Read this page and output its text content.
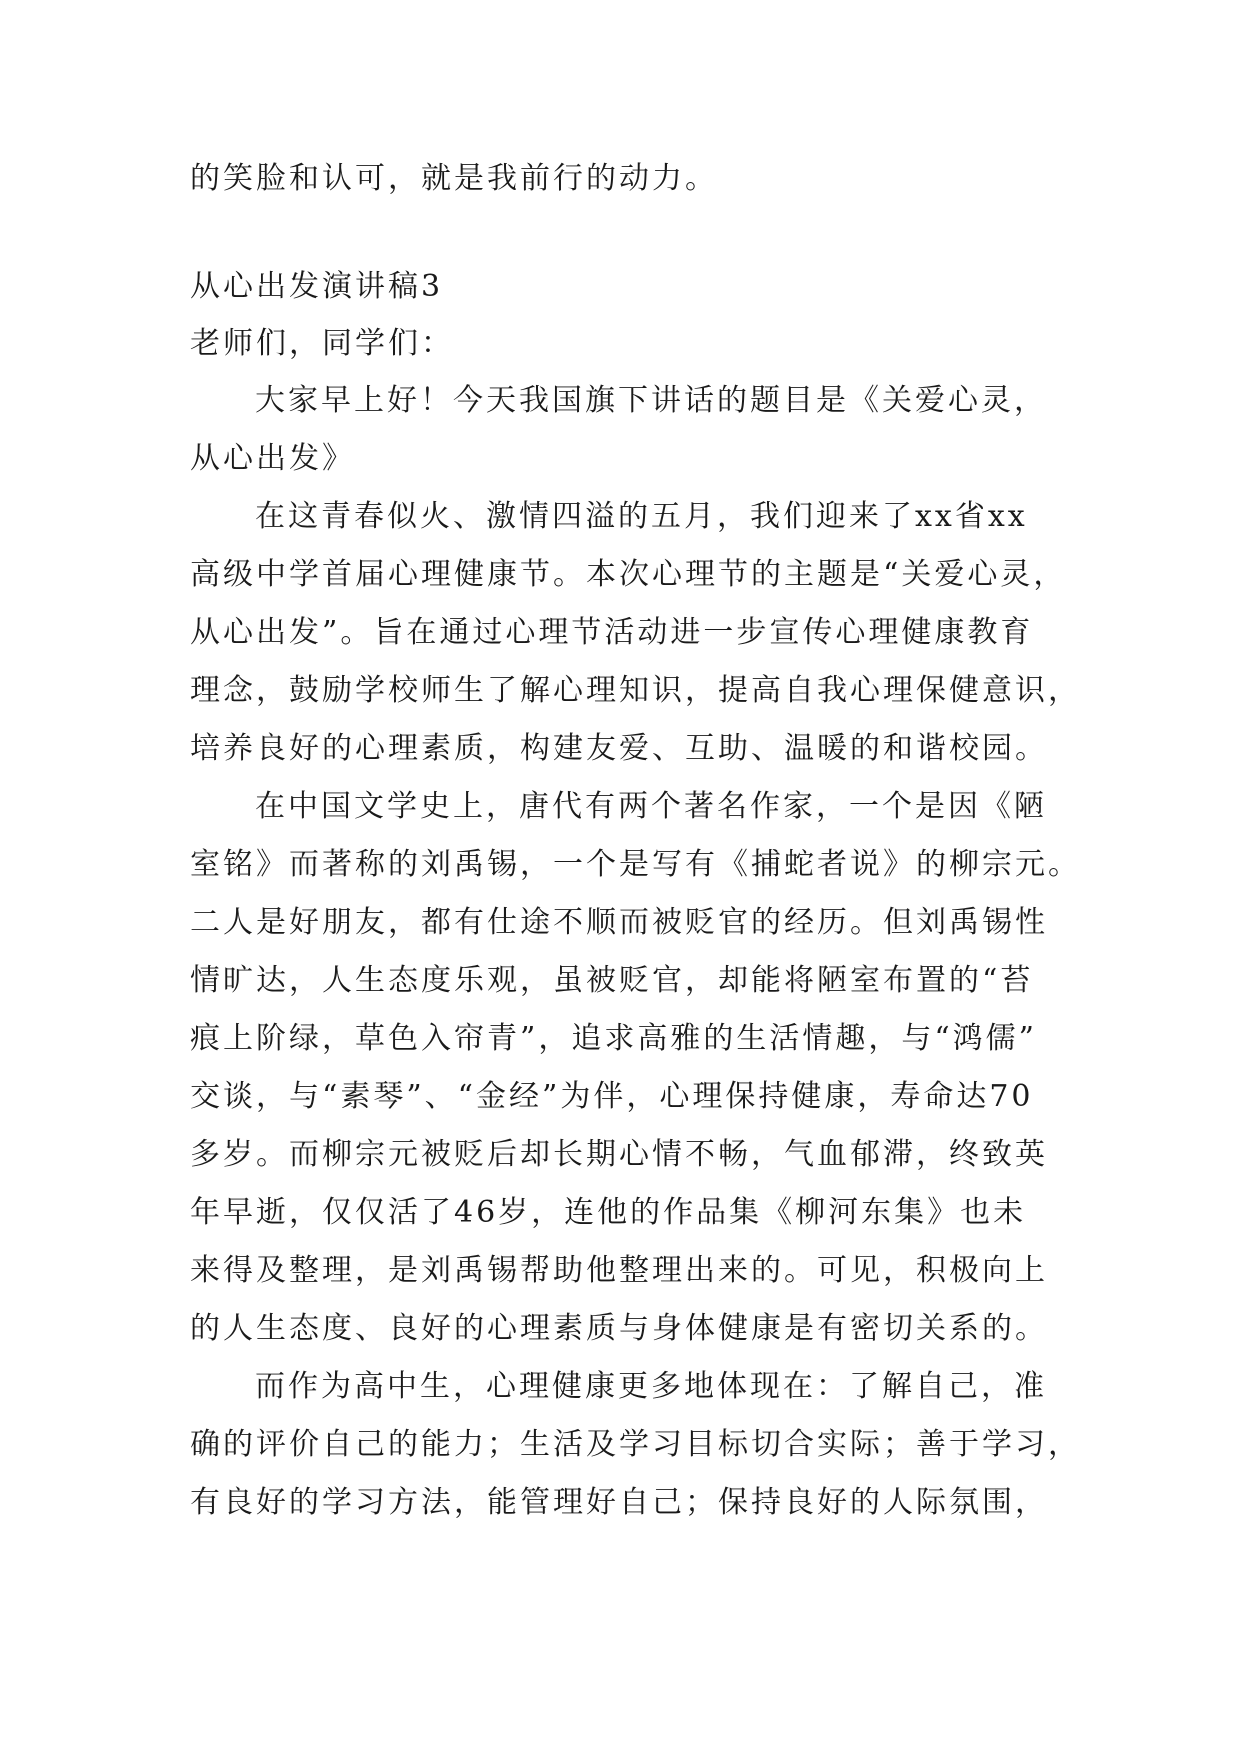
的笑脸和认可，就是我前行的动力。
从心出发演讲稿3
老师们，同学们：
大家早上好！今天我国旗下讲话的题目是《关爱心灵，
从心出发》
在这青春似火、激情四溢的五月，我们迎来了xx省xx
高级中学首届心理健康节。本次心理节的主题是“关爱心灵，
从心出发”。旨在通过心理节活动进一步宣传心理健康教育
理念，鼓励学校师生了解心理知识，提高自我心理保健意识，
培养良好的心理素质，构建友爱、互助、温暖的和谐校园。
在中国文学史上，唐代有两个著名作家，一个是因《陋
室铭》而著称的刘禹锡，一个是写有《捕蛇者说》的柳宗元。
二人是好朋友，都有仕途不顺而被贬官的经历。但刘禹锡性
情旷达，人生态度乐观，虽被贬官，却能将陋室布置的“苔
痕上阶绿，草色入帘青”，追求高雅的生活情趣，与“鸿儒”
交谈，与“素琴”、“金经”为伴，心理保持健康，寿命达70
多岁。而柳宗元被贬后却长期心情不畅，气血郁滞，终致英
年早逝，仅仅活了46岁，连他的作品集《柳河东集》也未
来得及整理，是刘禹锡帮助他整理出来的。可见，积极向上
的人生态度、良好的心理素质与身体健康是有密切关系的。
而作为高中生，心理健康更多地体现在：了解自己，准
确的评价自己的能力；生活及学习目标切合实际；善于学习，
有良好的学习方法，能管理好自己；保持良好的人际氛围，
